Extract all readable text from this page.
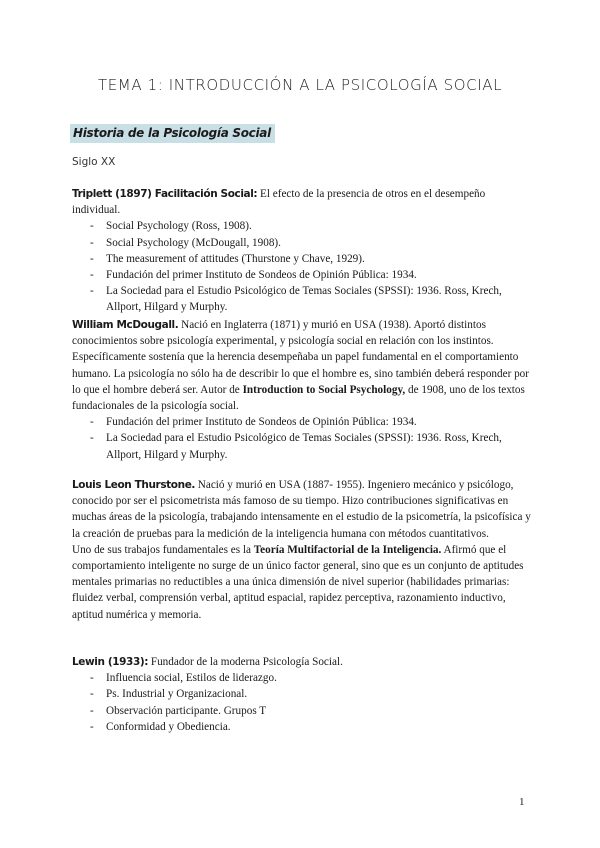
TEMA 1: INTRODUCCIÓN A LA PSICOLOGÍA SOCIAL
Historia de la Psicología Social
Siglo XX

Triplett (1897) Facilitación Social: El efecto de la presencia de otros en el desempeño individual.

- Social Psychology (Ross, 1908).
- Social Psychology (McDougall, 1908).
- The measurement of attitudes (Thurstone y Chave, 1929).
- Fundación del primer Instituto de Sondeos de Opinión Pública: 1934.
- La Sociedad para el Estudio Psicológico de Temas Sociales (SPSSI): 1936. Ross, Krech, Allport, Hilgard y Murphy.

William McDougall. Nació en Inglaterra (1871) y murió en USA (1938). Aportó distintos conocimientos sobre psicología experimental, y psicología social en relación con los instintos. Específicamente sostenía que la herencia desempeñaba un papel fundamental en el comportamiento humano. La psicología no sólo ha de describir lo que el hombre es, sino también deberá responder por lo que el hombre deberá ser. Autor de Introduction to Social Psychology, de 1908, uno de los textos fundacionales de la psicología social.

- Fundación del primer Instituto de Sondeos de Opinión Pública: 1934.
- La Sociedad para el Estudio Psicológico de Temas Sociales (SPSSI): 1936. Ross, Krech, Allport, Hilgard y Murphy.

Louis Leon Thurstone. Nació y murió en USA (1887- 1955). Ingeniero mecánico y psicólogo, conocido por ser el psicometrista más famoso de su tiempo. Hizo contribuciones significativas en muchas áreas de la psicología, trabajando intensamente en el estudio de la psicometría, la psicofísica y la creación de pruebas para la medición de la inteligencia humana con métodos cuantitativos.

Uno de sus trabajos fundamentales es la Teoría Multifactorial de la Inteligencia. Afirmó que el comportamiento inteligente no surge de un único factor general, sino que es un conjunto de aptitudes mentales primarias no reductibles a una única dimensión de nivel superior (habilidades primarias: fluidez verbal, comprensión verbal, aptitud espacial, rapidez perceptiva, razonamiento inductivo, aptitud numérica y memoria.

Lewin (1933): Fundador de la moderna Psicología Social.

- Influencia social, Estilos de liderazgo.
- Ps. Industrial y Organizacional.
- Observación participante. Grupos T
- Conformidad y Obediencia.
1
